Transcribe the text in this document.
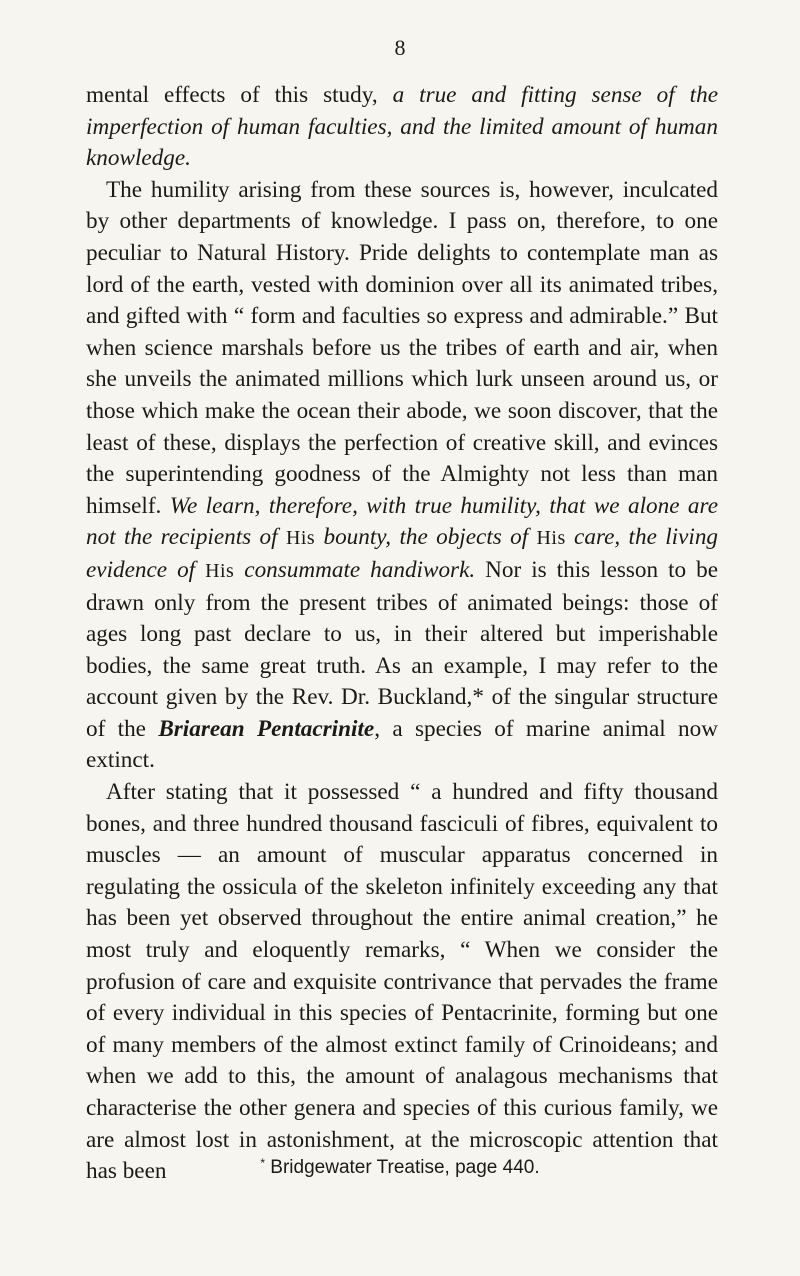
8

mental effects of this study, a true and fitting sense of the imperfection of human faculties, and the limited amount of human knowledge.

The humility arising from these sources is, however, inculcated by other departments of knowledge. I pass on, therefore, to one peculiar to Natural History. Pride delights to contemplate man as lord of the earth, vested with dominion over all its animated tribes, and gifted with “ form and faculties so express and admirable.” But when science marshals before us the tribes of earth and air, when she unveils the animated millions which lurk unseen around us, or those which make the ocean their abode, we soon discover, that the least of these, displays the perfection of creative skill, and evinces the superintending goodness of the Almighty not less than man himself. We learn, therefore, with true humility, that we alone are not the recipients of His bounty, the objects of His care, the living evidence of His consummate handiwork. Nor is this lesson to be drawn only from the present tribes of animated beings: those of ages long past declare to us, in their altered but imperishable bodies, the same great truth. As an example, I may refer to the account given by the Rev. Dr. Buckland,* of the singular structure of the Briarean Pentacrinite, a species of marine animal now extinct.

After stating that it possessed “ a hundred and fifty thousand bones, and three hundred thousand fasciculi of fibres, equivalent to muscles — an amount of muscular apparatus concerned in regulating the ossicula of the skeleton infinitely exceeding any that has been yet observed throughout the entire animal creation,” he most truly and eloquently remarks, “ When we consider the profusion of care and exquisite contrivance that pervades the frame of every individual in this species of Pentacrinite, forming but one of many members of the almost extinct family of Crinoideans; and when we add to this, the amount of analagous mechanisms that characterise the other genera and species of this curious family, we are almost lost in astonishment, at the microscopic attention that has been	* Bridgewater Treatise, page 440.
